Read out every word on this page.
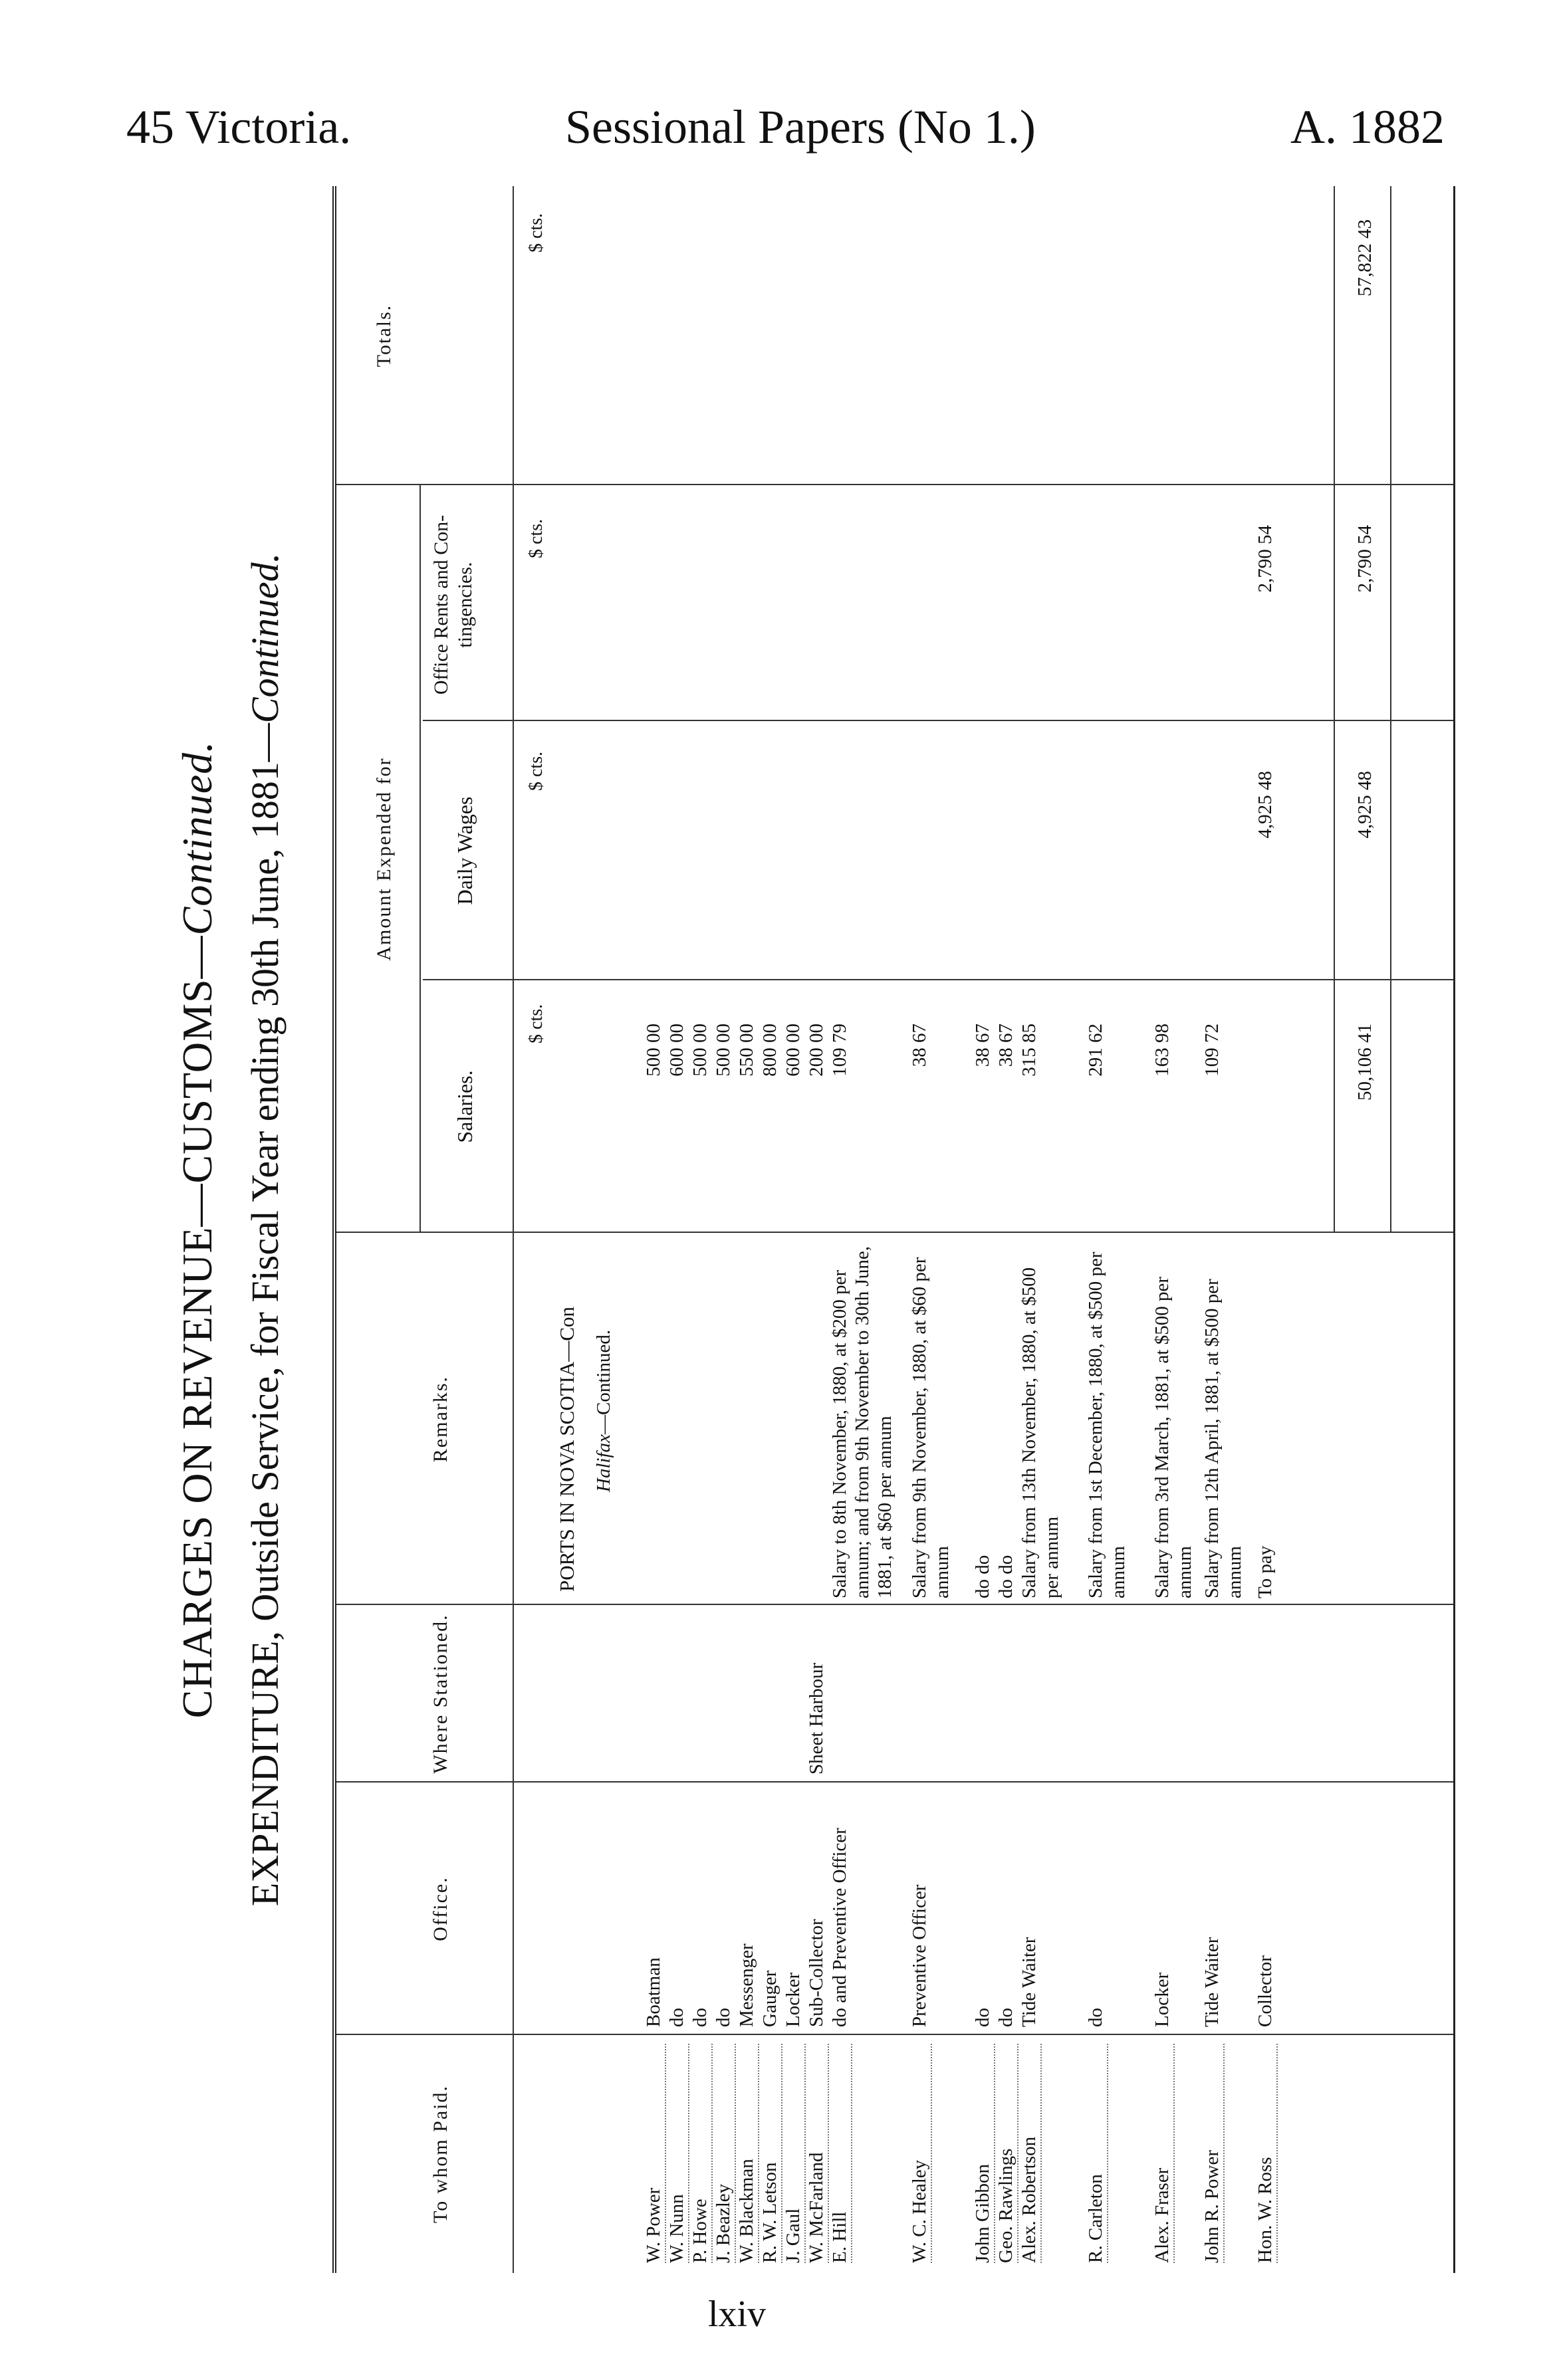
45 Victoria.	Sessional Papers (No 1.)	A. 1882
CHARGES ON REVENUE—CUSTOMS—Continued. EXPENDITURE, Outside Service, for Fiscal Year ending 30th June, 1881—Continued.
To whom Paid.
Office.
Where Stationed.
Remarks.
Amount Expended for
Salaries.
Daily Wages
Office Rents and Con- tingencies.
Totals.
$ cts.
$ cts.
$ cts.
$ cts.
PORTS IN NOVA SCOTIA—Con Halifax—Continued.
W. Power
Boatman
500 00
W. Nunn
do
600 00
P. Howe
do
500 00
J. Beazley
do
500 00
W. Blackman
Messenger
550 00
R. W. Letson
Gauger
800 00
J. Gaul
Locker
600 00
W. McFarland
Sub-Collector
Sheet Harbour
200 00
E. Hill
do and Preventive Officer
Salary to 8th November, 1880, at $200 per annum; and from 9th November to 30th June, 1881, at $60 per annum
109 79
W. C. Healey
Preventive Officer
Salary from 9th November, 1880, at $60 per annum
38 67
John Gibbon
do
do do
38 67
Geo. Rawlings
do
do do
38 67
Alex. Robertson
Tide Waiter
Salary from 13th November, 1880, at $500 per annum
315 85
R. Carleton
do
Salary from 1st December, 1880, at $500 per annum
291 62
Alex. Fraser
Locker
Salary from 3rd March, 1881, at $500 per annum
163 98
John R. Power
Tide Waiter
Salary from 12th April, 1881, at $500 per annum
109 72
Hon. W. Ross
Collector
To pay
4,925 48
2,790 54
50,106 41
4,925 48
2,790 54
57,822 43
lxiv
